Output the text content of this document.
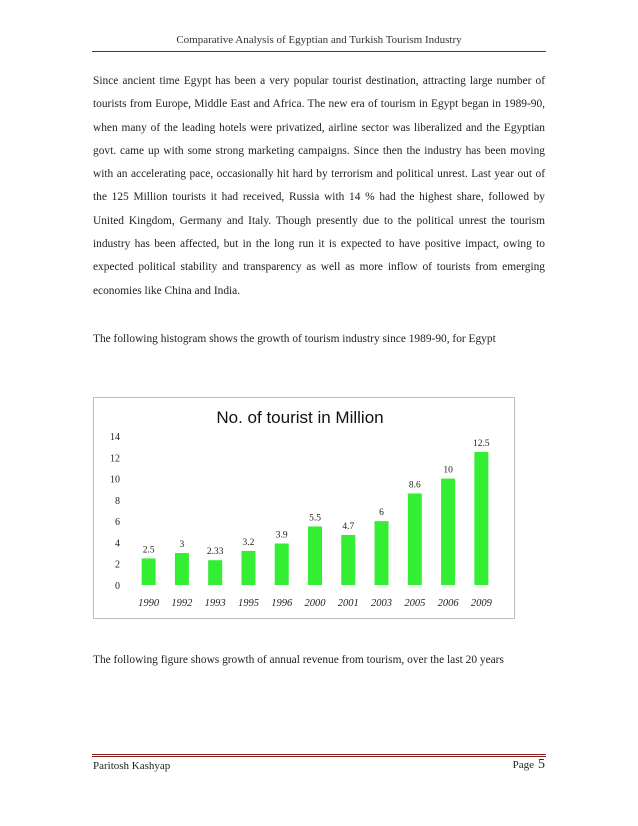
Comparative Analysis of Egyptian and Turkish Tourism Industry

Since ancient time Egypt has been a very popular tourist destination, attracting large number of tourists from Europe, Middle East and Africa. The new era of tourism in Egypt began in 1989-90, when many of the leading hotels were privatized, airline sector was liberalized and the Egyptian govt. came up with some strong marketing campaigns. Since then the industry has been moving with an accelerating pace, occasionally hit hard by terrorism and political unrest. Last year out of the 125 Million tourists it had received, Russia with 14 % had the highest share, followed by United Kingdom, Germany and Italy. Though presently due to the political unrest the tourism industry has been affected, but in the long run it is expected to have positive impact, owing to expected political stability and transparency as well as more inflow of tourists from emerging economies like China and India.

The following histogram shows the growth of tourism industry since 1989-90, for Egypt

No. of tourist in Million
0
2
4
6
8
10
12
14
2.5
1990
3
1992
2.33
1993
3.2
1995
3.9
1996
5.5
2000
4.7
2001
6
2003
8.6
2005
10
2006
12.5
2009

The following figure shows growth of annual revenue from tourism, over the last 20 years

Paritosh Kashyap	Page 5
